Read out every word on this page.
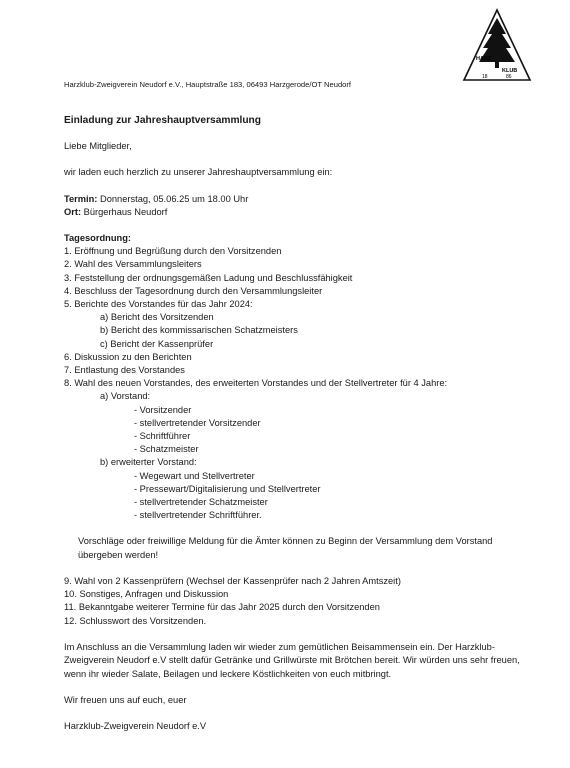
HARZ
KLUB
18	86
Harzklub-Zweigverein Neudorf e.V., Hauptstraße 183, 06493 Harzgerode/OT Neudorf
Einladung zur Jahreshauptversammlung
Liebe Mitglieder,
wir laden euch herzlich zu unserer Jahreshauptversammlung ein:
Termin: Donnerstag, 05.06.25 um 18.00 Uhr
Ort: Bürgerhaus Neudorf
Tagesordnung:
1. Eröffnung und Begrüßung durch den Vorsitzenden
2. Wahl des Versammlungsleiters
3. Feststellung der ordnungsgemäßen Ladung und Beschlussfähigkeit
4. Beschluss der Tagesordnung durch den Versammlungsleiter
5. Berichte des Vorstandes für das Jahr 2024:
a) Bericht des Vorsitzenden
b) Bericht des kommissarischen Schatzmeisters
c) Bericht der Kassenprüfer
6. Diskussion zu den Berichten
7. Entlastung des Vorstandes
8. Wahl des neuen Vorstandes, des erweiterten Vorstandes und der Stellvertreter für 4 Jahre:
a) Vorstand:
- Vorsitzender
- stellvertretender Vorsitzender
- Schriftführer
- Schatzmeister
b) erweiterter Vorstand:
- Wegewart und Stellvertreter
- Pressewart/Digitalisierung und Stellvertreter
- stellvertretender Schatzmeister
- stellvertretender Schriftführer.
Vorschläge oder freiwillige Meldung für die Ämter können zu Beginn der Versammlung dem Vorstand übergeben werden!
9. Wahl von 2 Kassenprüfern (Wechsel der Kassenprüfer nach 2 Jahren Amtszeit)
10. Sonstiges, Anfragen und Diskussion
11. Bekanntgabe weiterer Termine für das Jahr 2025 durch den Vorsitzenden
12. Schlusswort des Vorsitzenden.
Im Anschluss an die Versammlung laden wir wieder zum gemütlichen Beisammensein ein. Der Harzklub-Zweigverein Neudorf e.V stellt dafür Getränke und Grillwürste mit Brötchen bereit. Wir würden uns sehr freuen, wenn ihr wieder Salate, Beilagen und leckere Köstlichkeiten von euch mitbringt.
Wir freuen uns auf euch, euer
Harzklub-Zweigverein Neudorf e.V
